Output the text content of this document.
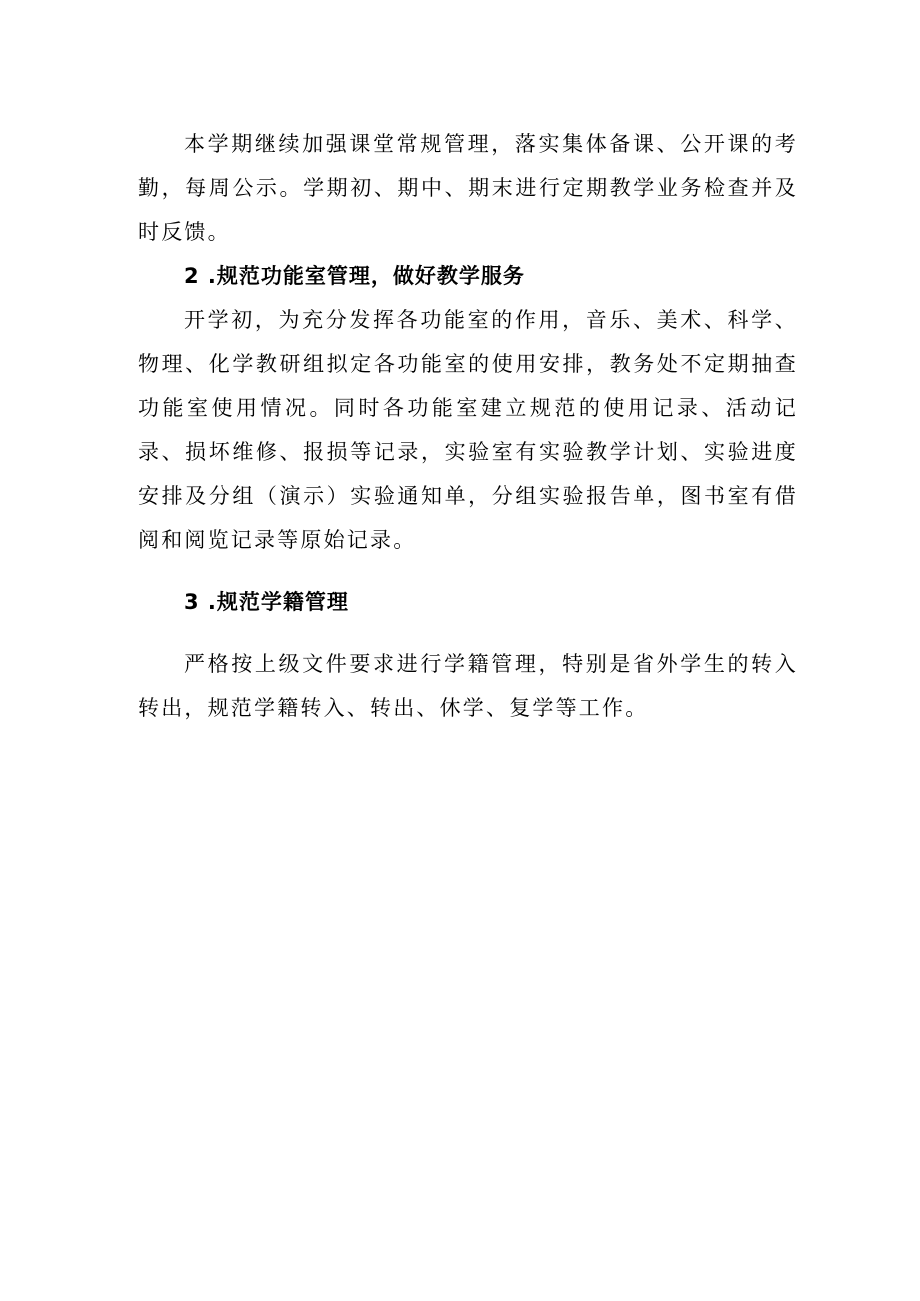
本学期继续加强课堂常规管理，落实集体备课、公开课的考勤，每周公示。学期初、期中、期末进行定期教学业务检查并及时反馈。

2 .规范功能室管理，做好教学服务

开学初，为充分发挥各功能室的作用，音乐、美术、科学、物理、化学教研组拟定各功能室的使用安排，教务处不定期抽查功能室使用情况。同时各功能室建立规范的使用记录、活动记录、损坏维修、报损等记录，实验室有实验教学计划、实验进度安排及分组（演示）实验通知单，分组实验报告单，图书室有借阅和阅览记录等原始记录。

3 .规范学籍管理

严格按上级文件要求进行学籍管理，特别是省外学生的转入转出，规范学籍转入、转出、休学、复学等工作。
